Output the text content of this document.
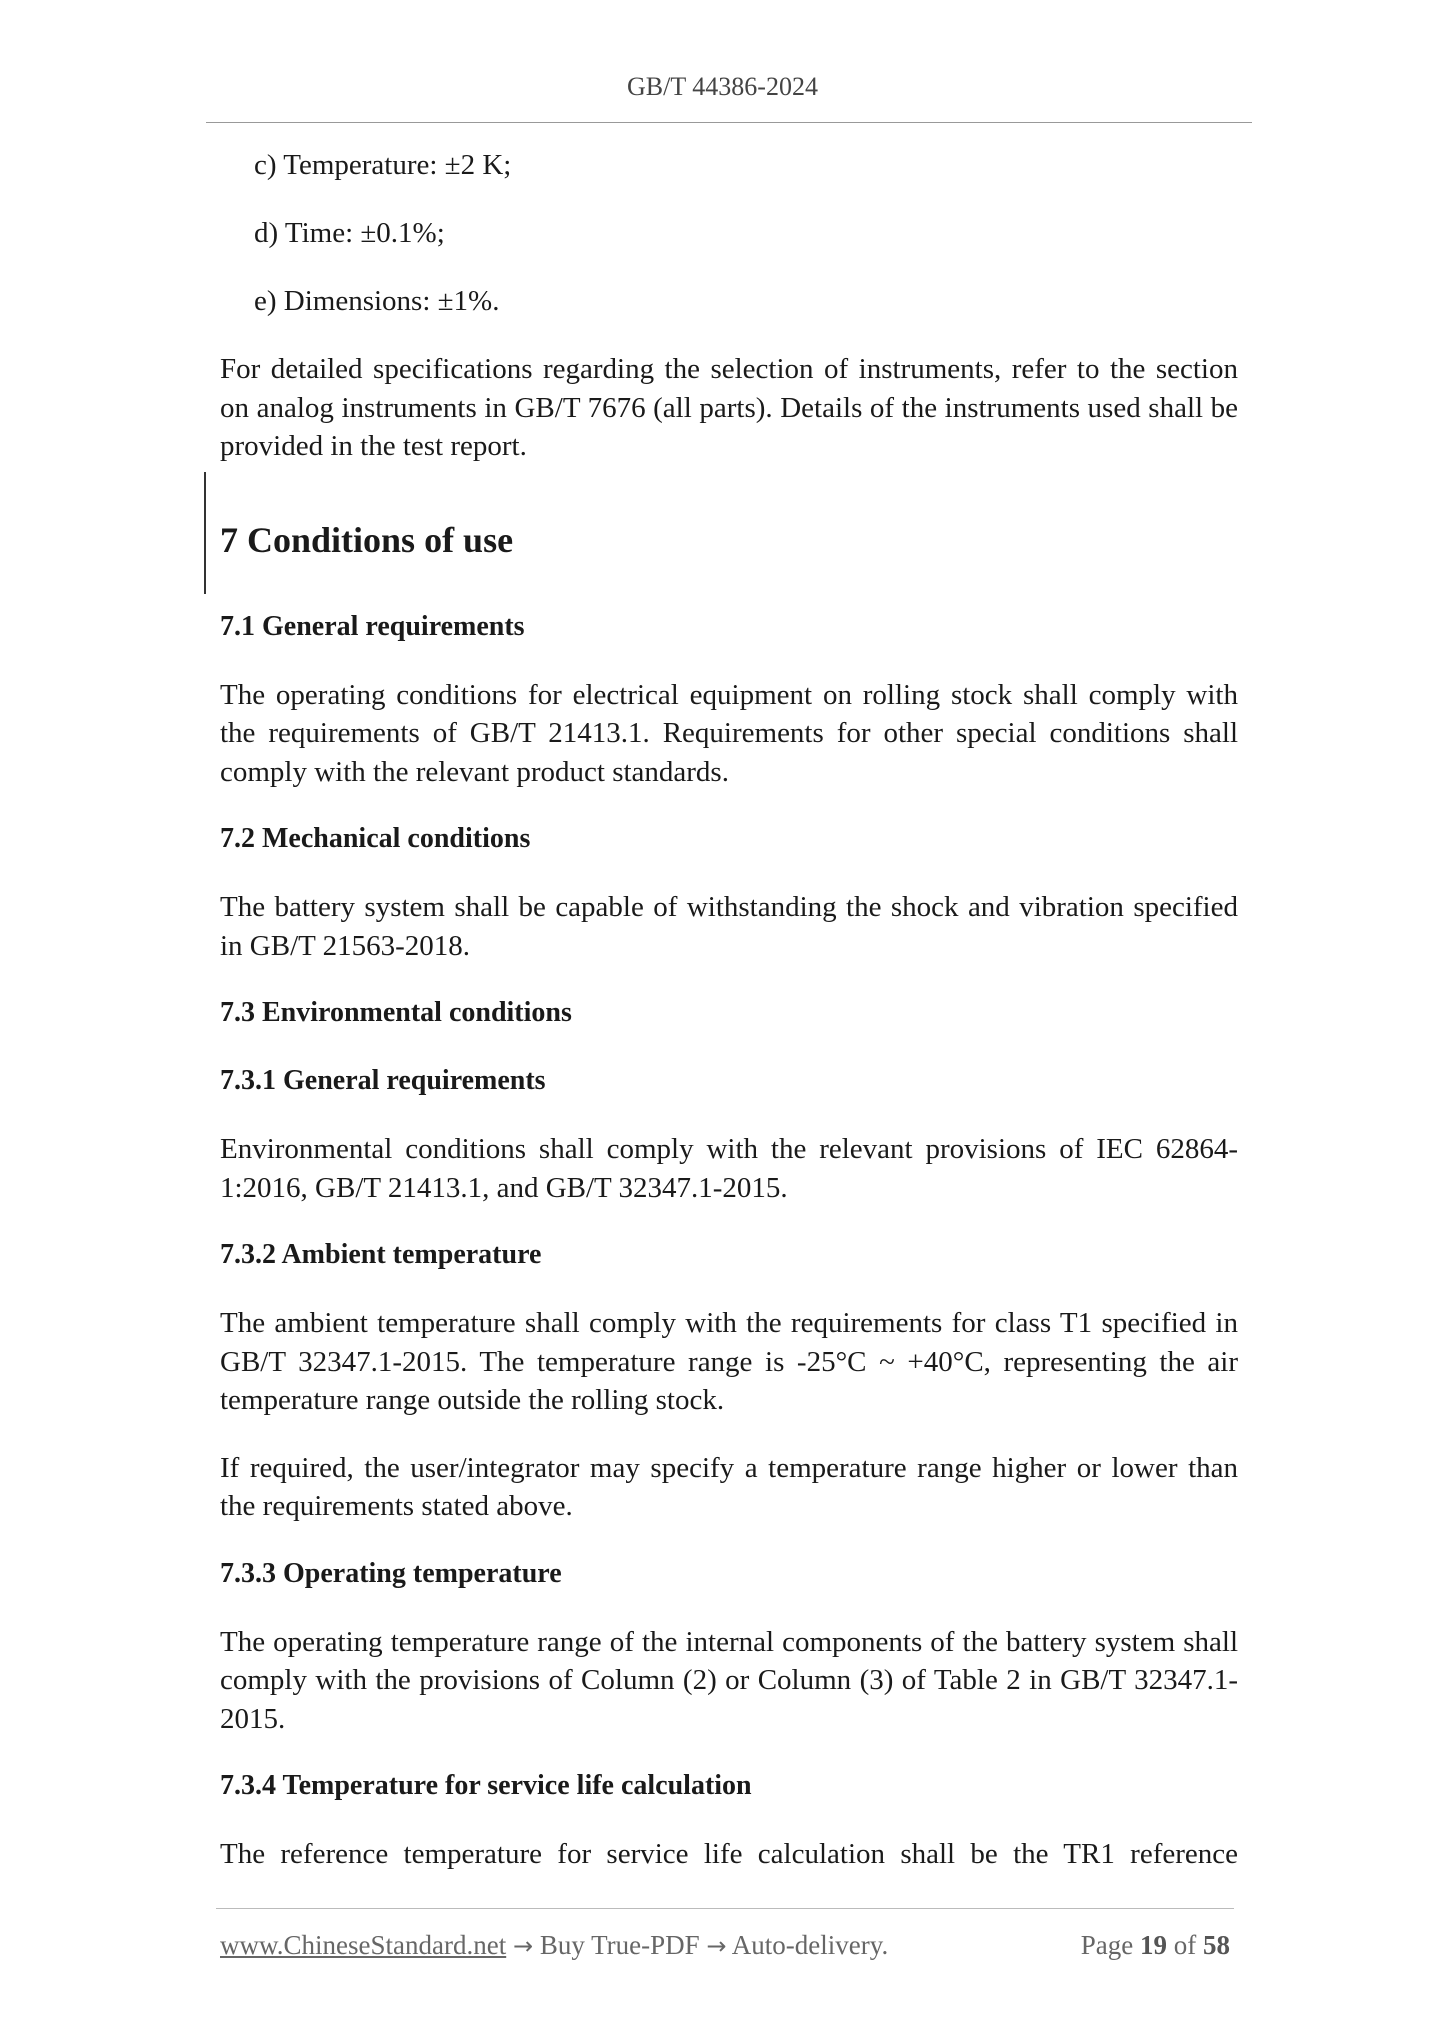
GB/T 44386-2024
c) Temperature: ±2 K;
d) Time: ±0.1%;
e) Dimensions: ±1%.

For detailed specifications regarding the selection of instruments, refer to the section on analog instruments in GB/T 7676 (all parts). Details of the instruments used shall be provided in the test report.

7 Conditions of use
7.1 General requirements

The operating conditions for electrical equipment on rolling stock shall comply with the requirements of GB/T 21413.1. Requirements for other special conditions shall comply with the relevant product standards.

7.2 Mechanical conditions

The battery system shall be capable of withstanding the shock and vibration specified in GB/T 21563-2018.

7.3 Environmental conditions
7.3.1 General requirements

Environmental conditions shall comply with the relevant provisions of IEC 62864-1:2016, GB/T 21413.1, and GB/T 32347.1-2015.

7.3.2 Ambient temperature

The ambient temperature shall comply with the requirements for class T1 specified in GB/T 32347.1-2015. The temperature range is -25°C ~ +40°C, representing the air temperature range outside the rolling stock.

If required, the user/integrator may specify a temperature range higher or lower than the requirements stated above.

7.3.3 Operating temperature

The operating temperature range of the internal components of the battery system shall comply with the provisions of Column (2) or Column (3) of Table 2 in GB/T 32347.1-2015.

7.3.4 Temperature for service life calculation

The reference temperature for service life calculation shall be the TR1 reference

www.ChineseStandard.net → Buy True-PDF → Auto-delivery.	Page 19 of 58
